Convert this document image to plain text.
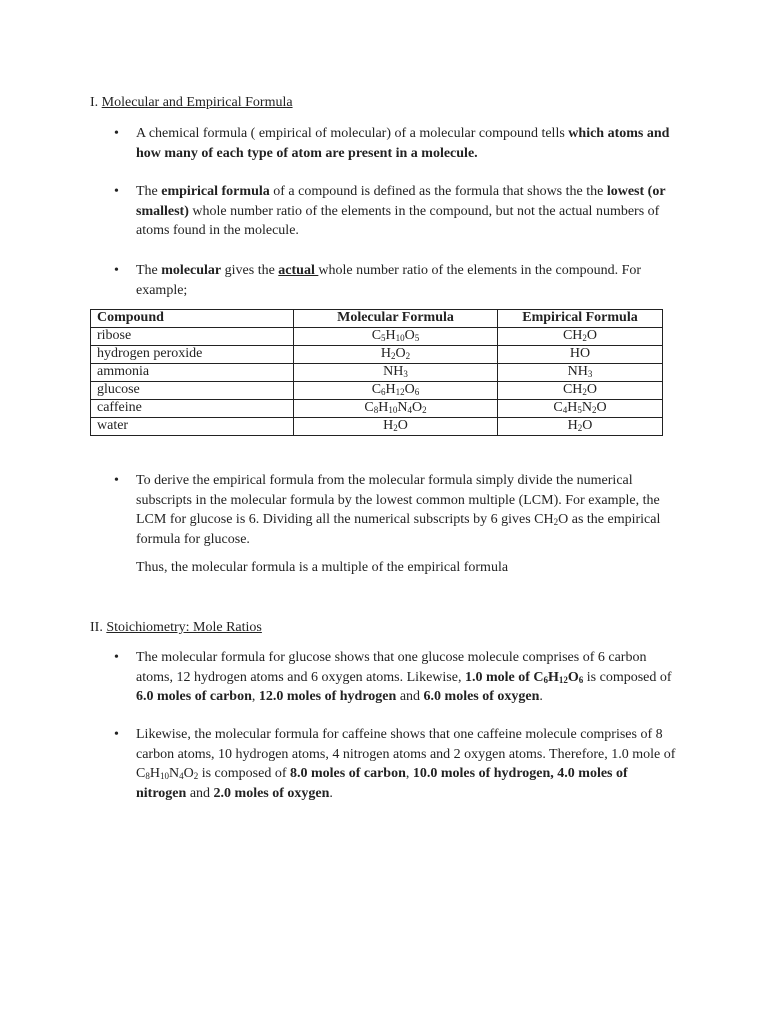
I. Molecular and Empirical Formula
• A chemical formula ( empirical of molecular) of a molecular compound tells which atoms and how many of each type of atom are present in a molecule.
• The empirical formula of a compound is defined as the formula that shows the the lowest (or smallest) whole number ratio of the elements in the compound, but not the actual numbers of atoms found in the molecule.
• The molecular gives the actual whole number ratio of the elements in the compound. For example;
Compound	Molecular Formula	Empirical Formula
ribose	$C_5H_{10}O_5$	$CH_2O$
hydrogen peroxide	$H_2O_2$	HO
ammonia	$NH_3$	$NH_3$
glucose	$C_6H_{12}O_6$	$CH_2O$
caffeine	$C_8H_{10}N_4O_2$	$C_4H_5N_2O$
water	$H_2O$	$H_2O$
• To derive the empirical formula from the molecular formula simply divide the numerical subscripts in the molecular formula by the lowest common multiple (LCM). For example, the LCM for glucose is 6. Dividing all the numerical subscripts by 6 gives $CH_2O$ as the empirical formula for glucose.
Thus, the molecular formula is a multiple of the empirical formula
II. Stoichiometry: Mole Ratios
• The molecular formula for glucose shows that one glucose molecule comprises of 6 carbon atoms, 12 hydrogen atoms and 6 oxygen atoms. Likewise, 1.0 mole of $C_6H_{12}O_6$ is composed of 6.0 moles of carbon, 12.0 moles of hydrogen and 6.0 moles of oxygen.
• Likewise, the molecular formula for caffeine shows that one caffeine molecule comprises of 8 carbon atoms, 10 hydrogen atoms, 4 nitrogen atoms and 2 oxygen atoms. Therefore, 1.0 mole of $C_8H_{10}N_4O_2$ is composed of 8.0 moles of carbon, 10.0 moles of hydrogen, 4.0 moles of nitrogen and 2.0 moles of oxygen.
